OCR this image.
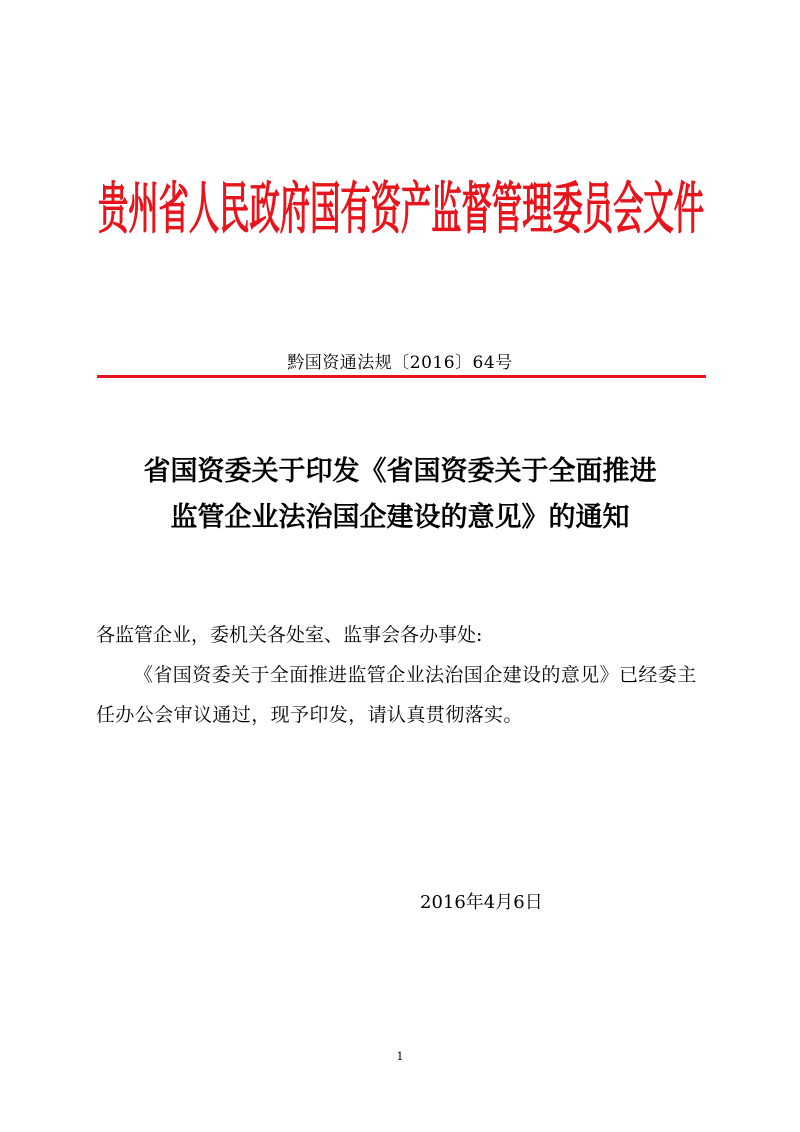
贵州省人民政府国有资产监督管理委员会文件
黔国资通法规〔2016〕64号
省国资委关于印发《省国资委关于全面推进
监管企业法治国企建设的意见》的通知
各监管企业，委机关各处室、监事会各办事处:
《省国资委关于全面推进监管企业法治国企建设的意见》已经委主任办公会审议通过，现予印发，请认真贯彻落实。
2016年4月6日
1
